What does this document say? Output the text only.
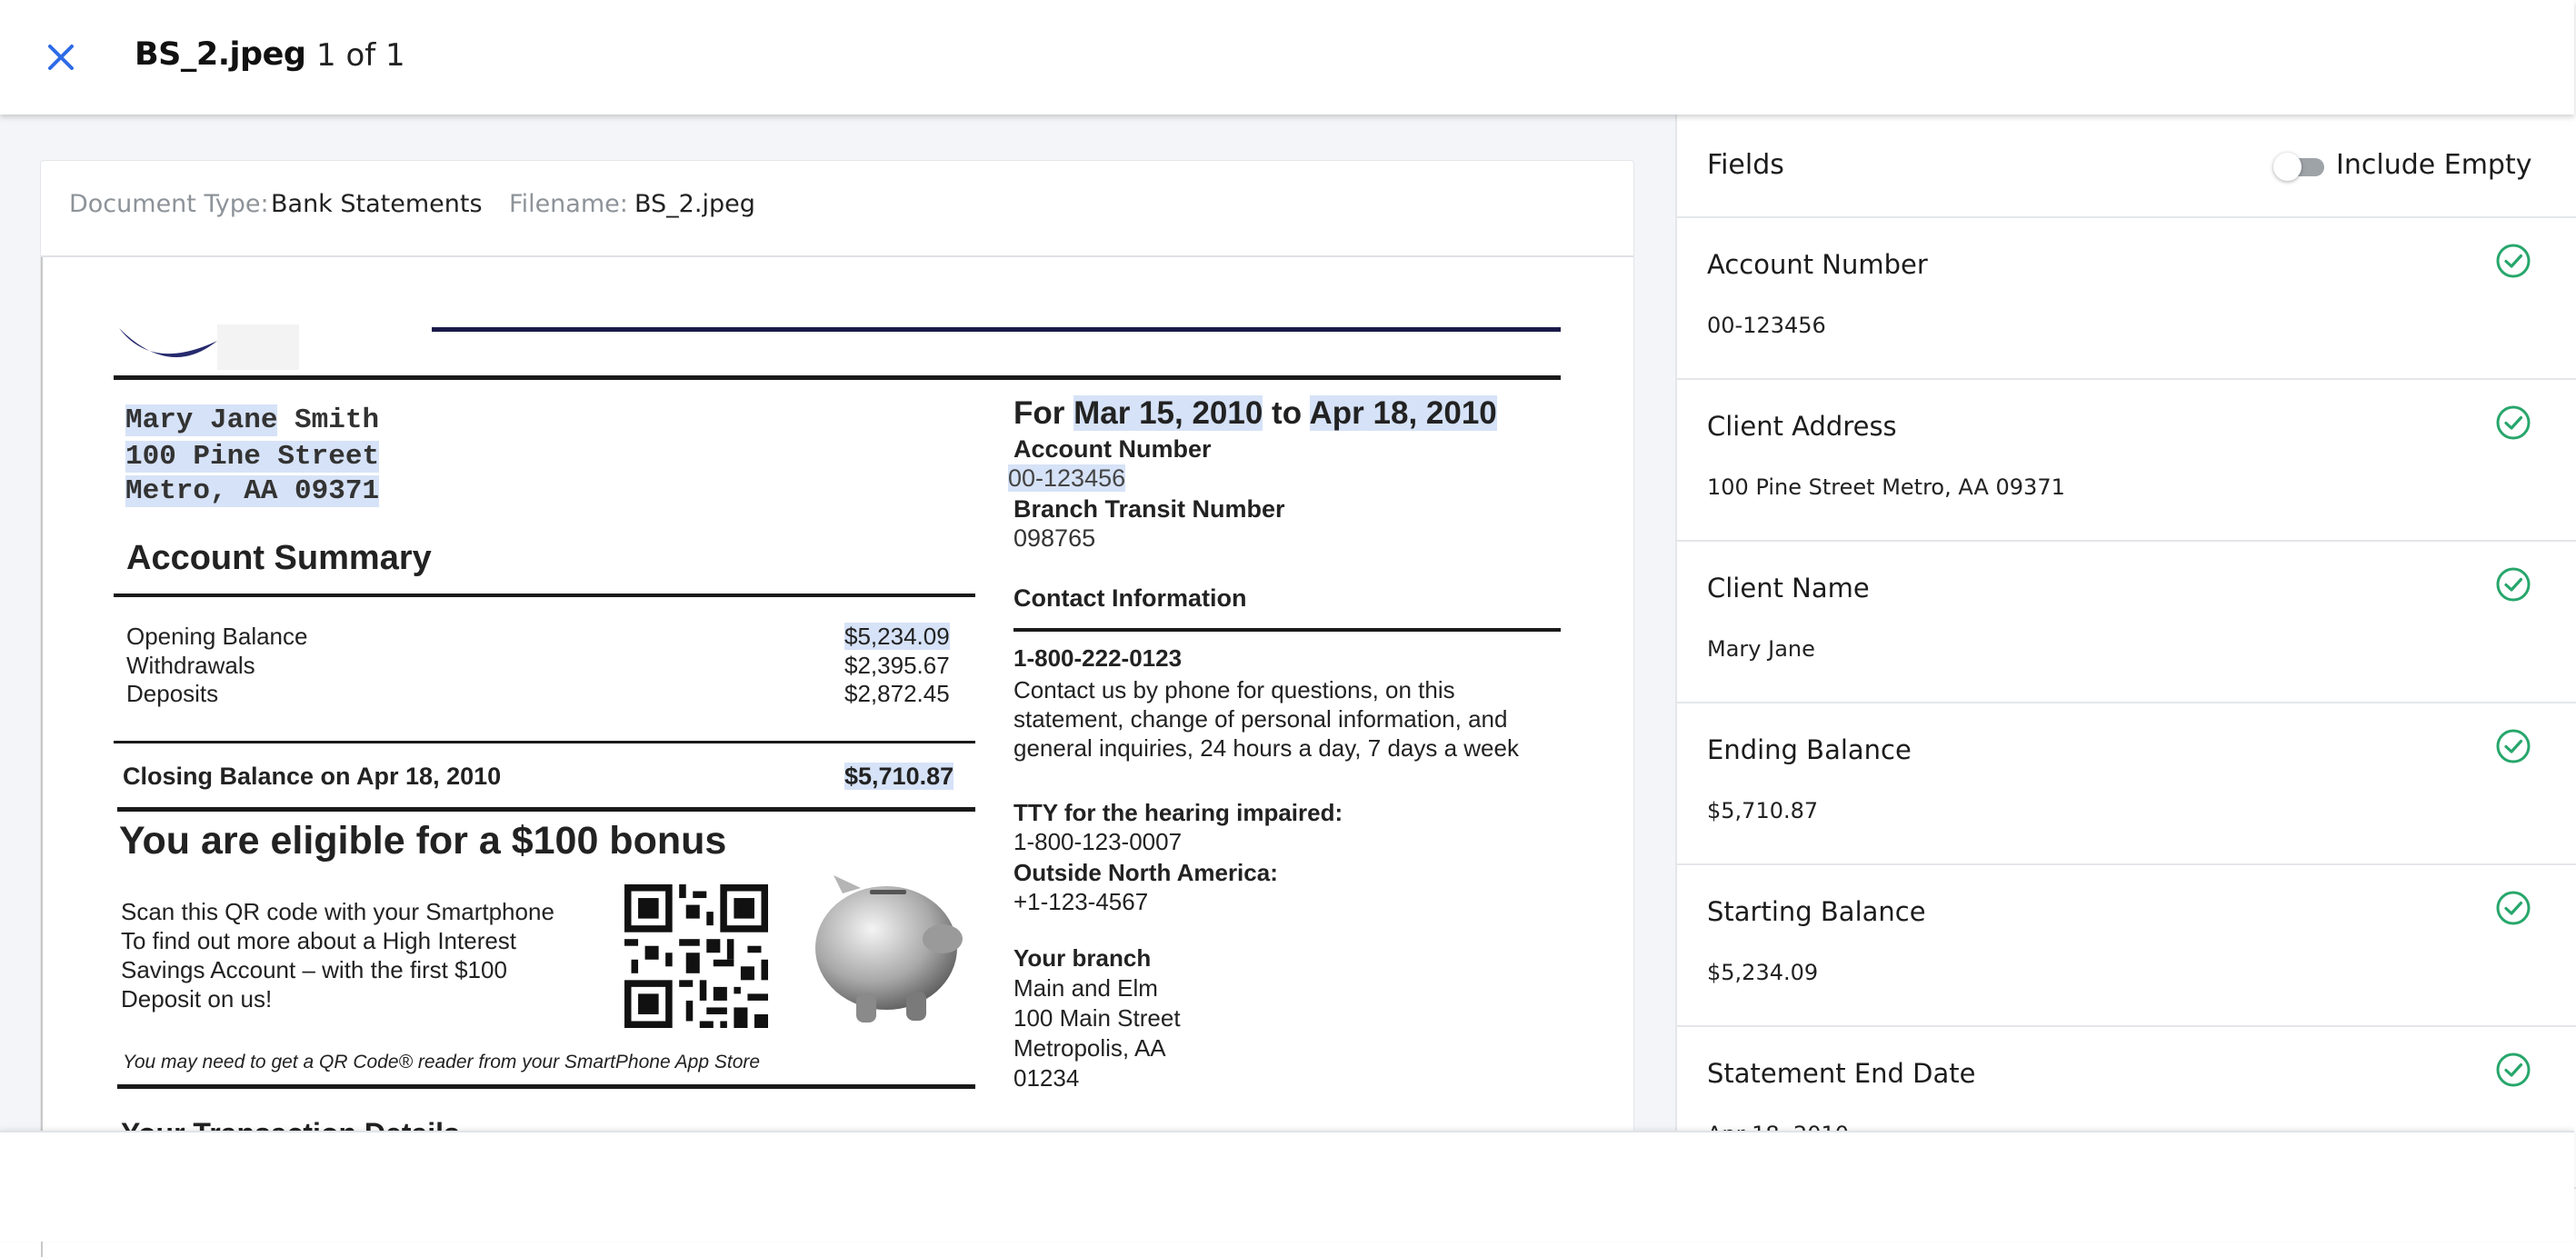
BS_2.jpeg 1 of 1
Document Type: Bank Statements Filename: BS_2.jpeg
Mary Jane Smith
100 Pine Street
Metro, AA 09371
Account Summary
Opening Balance	$5,234.09
Withdrawals	$2,395.67
Deposits	$2,872.45
Closing Balance on Apr 18, 2010	$5,710.87
You are eligible for a $100 bonus
Scan this QR code with your Smartphone
To find out more about a High Interest
Savings Account – with the first $100
Deposit on us!
You may need to get a QR Code® reader from your SmartPhone App Store
For Mar 15, 2010 to Apr 18, 2010
Account Number
00-123456
Branch Transit Number
098765
Contact Information
1-800-222-0123
Contact us by phone for questions, on this
statement, change of personal information, and
general inquiries, 24 hours a day, 7 days a week
TTY for the hearing impaired:
1-800-123-0007
Outside North America:
+1-123-4567
Your branch
Main and Elm
100 Main Street
Metropolis, AA
01234
Fields	Include Empty
Account Number
00-123456
Client Address
100 Pine Street Metro, AA 09371
Client Name
Mary Jane
Ending Balance
$5,710.87
Starting Balance
$5,234.09
Statement End Date
